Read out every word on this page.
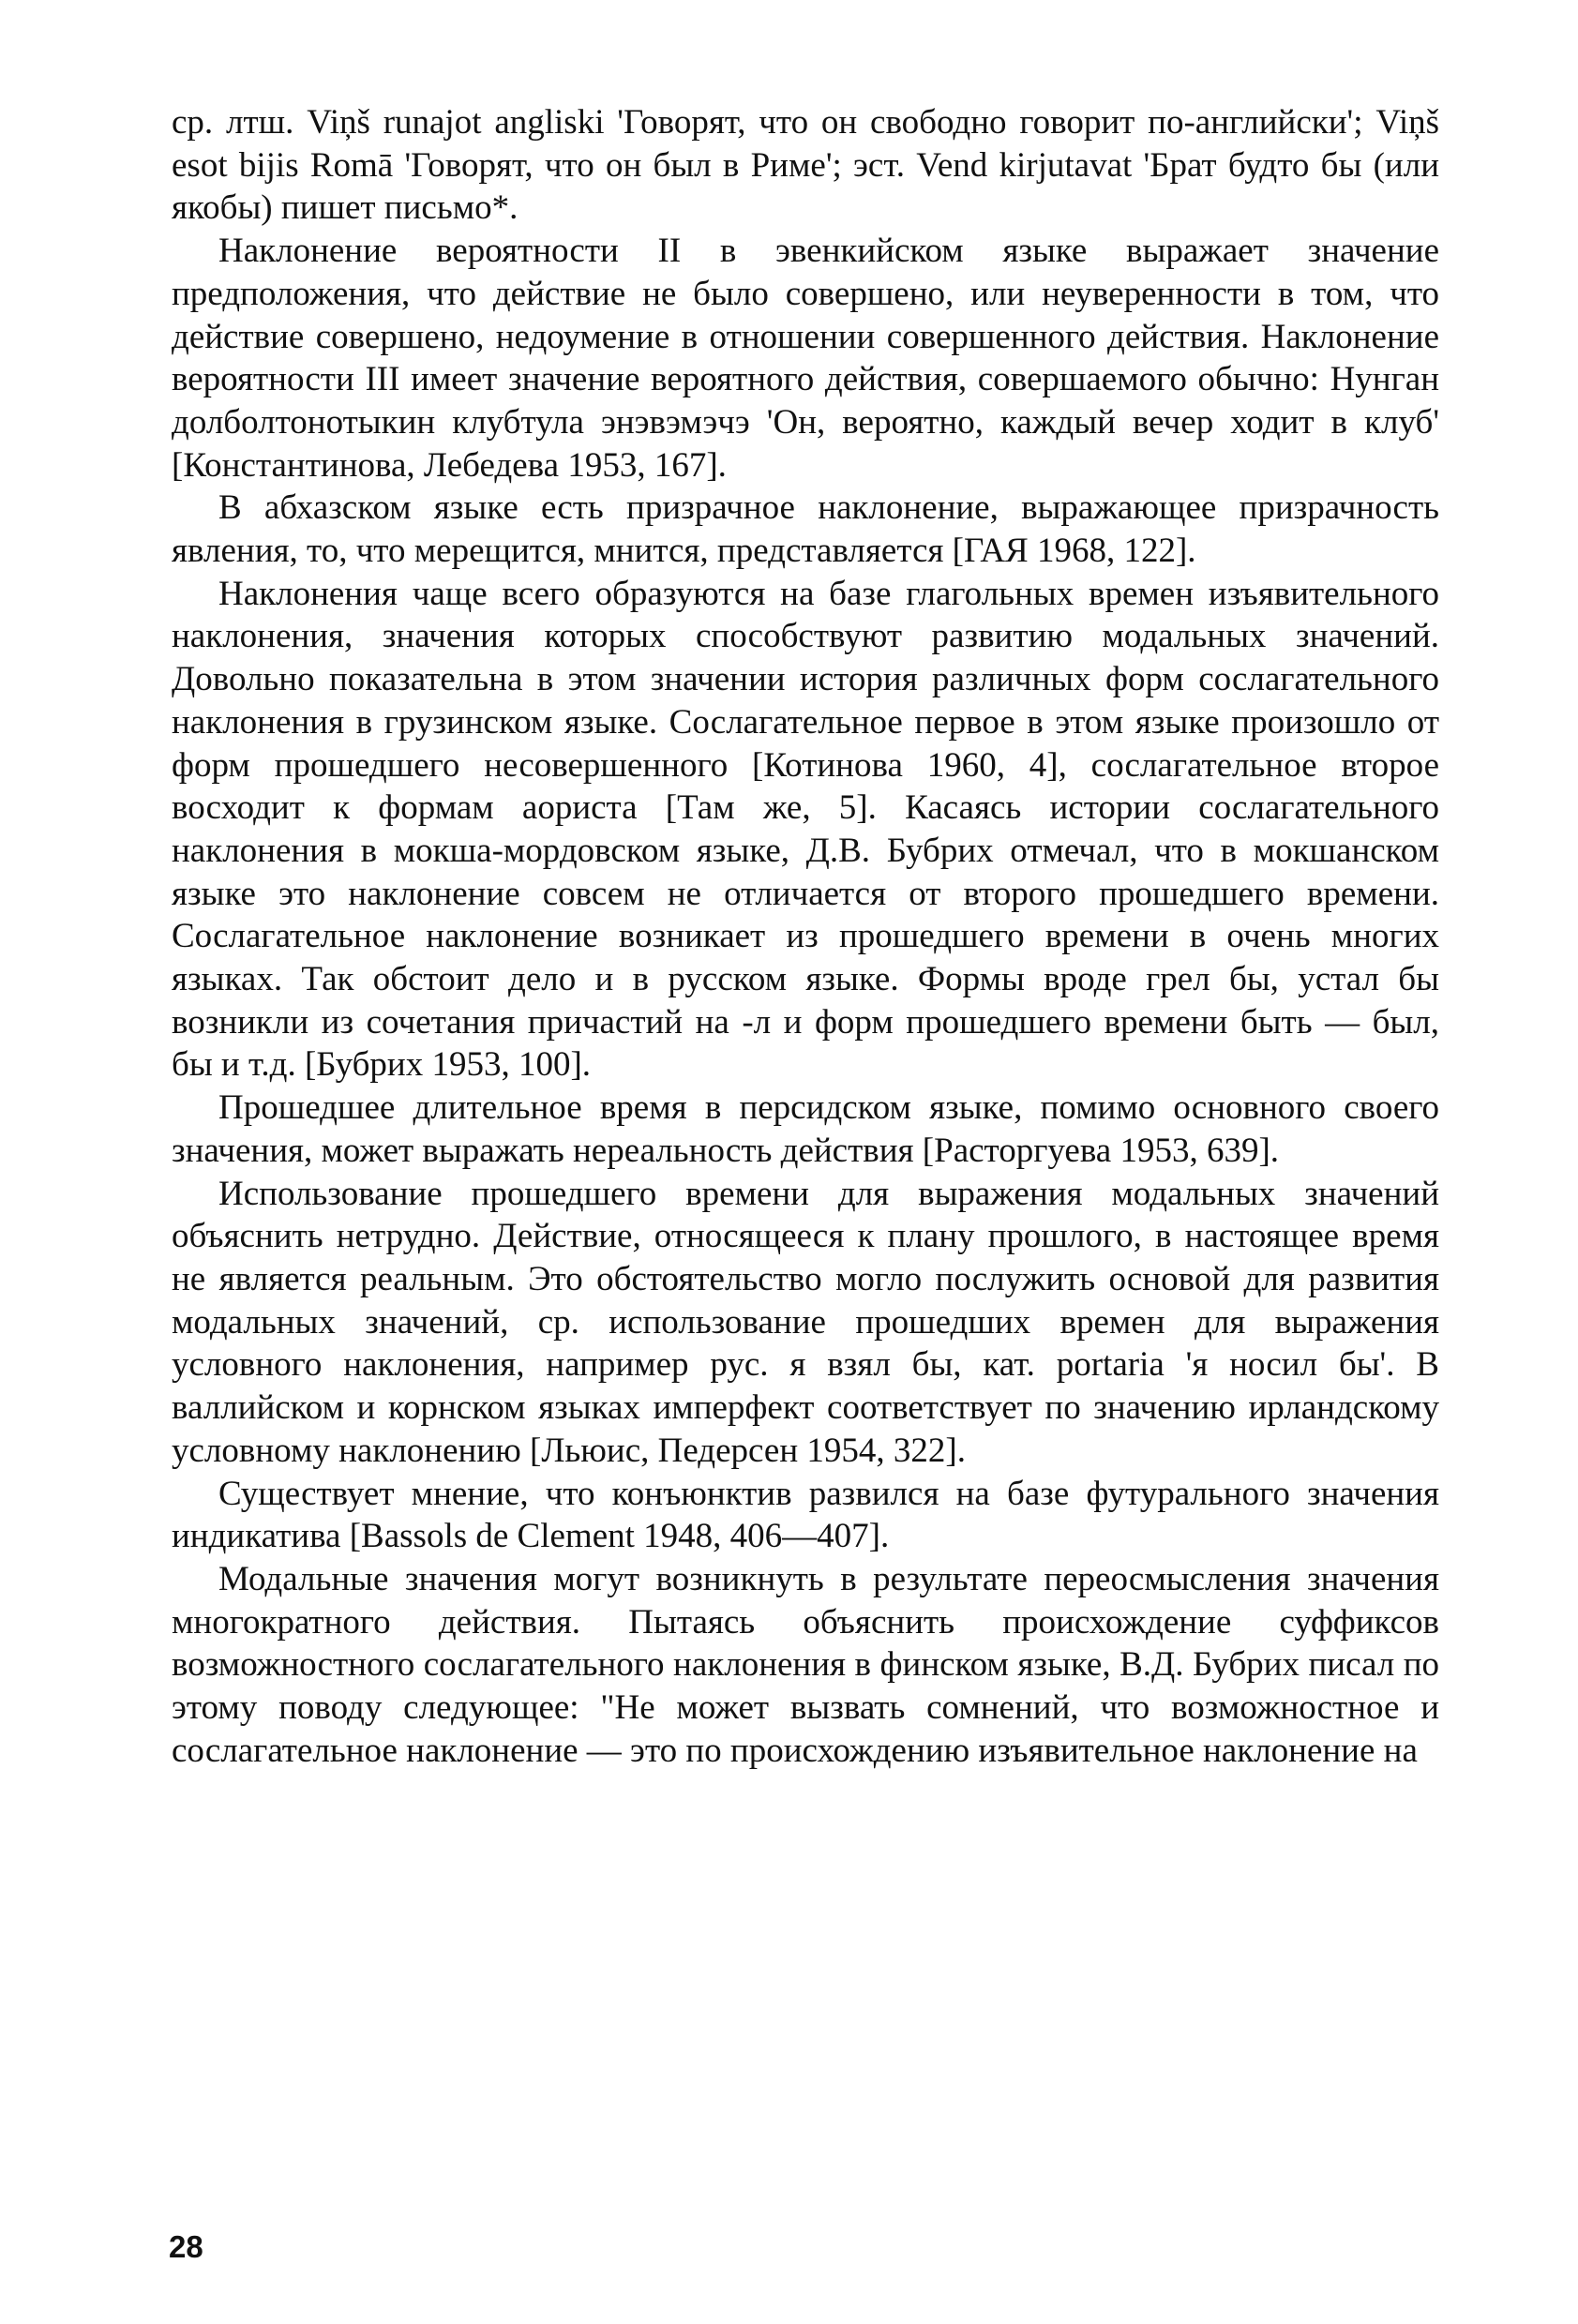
ср. лтш. Viņš runajot angliski 'Говорят, что он свободно говорит по-английски'; Viņš esot bijis Romā 'Говорят, что он был в Риме'; эст. Vend kirjutavat 'Брат будто бы (или якобы) пишет письмо*.

Наклонение вероятности II в эвенкийском языке выражает значение предположения, что действие не было совершено, или неуверенности в том, что действие совершено, недоумение в отношении совершенного действия. Наклонение вероятности III имеет значение вероятного действия, совершаемого обычно: Нунган долболтонотыкин клубтула энэвэмэчэ 'Он, вероятно, каждый вечер ходит в клуб' [Константинова, Лебедева 1953, 167].

В абхазском языке есть призрачное наклонение, выражающее призрачность явления, то, что мерещится, мнится, представляется [ГАЯ 1968, 122].

Наклонения чаще всего образуются на базе глагольных времен изъявительного наклонения, значения которых способствуют развитию модальных значений. Довольно показательна в этом значении история различных форм сослагательного наклонения в грузинском языке. Сослагательное первое в этом языке произошло от форм прошедшего несовершенного [Котинова 1960, 4], сослагательное второе восходит к формам аориста [Там же, 5]. Касаясь истории сослагательного наклонения в мокша-мордовском языке, Д.В. Бубрих отмечал, что в мокшанском языке это наклонение совсем не отличается от второго прошедшего времени. Сослагательное наклонение возникает из прошедшего времени в очень многих языках. Так обстоит дело и в русском языке. Формы вроде грел бы, устал бы возникли из сочетания причастий на -л и форм прошедшего времени быть — был, бы и т.д. [Бубрих 1953, 100].

Прошедшее длительное время в персидском языке, помимо основного своего значения, может выражать нереальность действия [Расторгуева 1953, 639].

Использование прошедшего времени для выражения модальных значений объяснить нетрудно. Действие, относящееся к плану прошлого, в настоящее время не является реальным. Это обстоятельство могло послужить основой для развития модальных значений, ср. использование прошедших времен для выражения условного наклонения, например рус. я взял бы, кат. portaria 'я носил бы'. В валлийском и корнском языках имперфект соответствует по значению ирландскому условному наклонению [Льюис, Педерсен 1954, 322].

Существует мнение, что конъюнктив развился на базе футурального значения индикатива [Bassols de Clement 1948, 406—407].

Модальные значения могут возникнуть в результате переосмысления значения многократного действия. Пытаясь объяснить происхождение суффиксов возможностного сослагательного наклонения в финском языке, В.Д. Бубрих писал по этому поводу следующее: "Не может вызвать сомнений, что возможностное и сослагательное наклонение — это по происхождению изъявительное наклонение на

28
